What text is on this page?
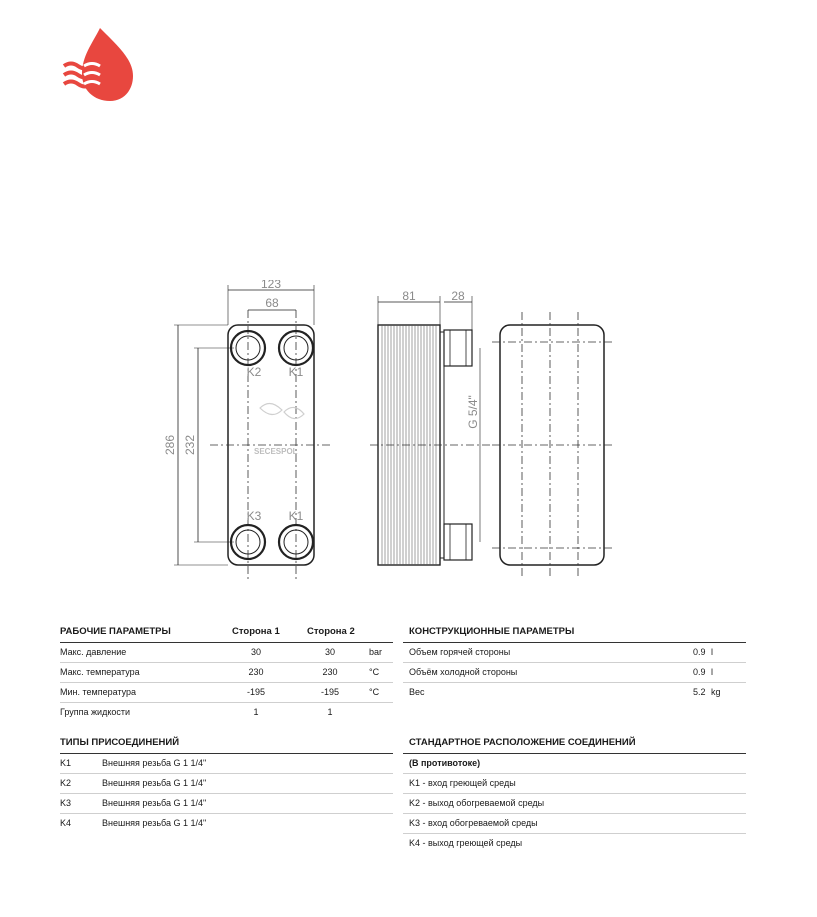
123
68
286 232
K2 K1
K3 K1
SECESPOL
81	28
G 5/4"
РАБОЧИЕ ПАРАМЕТРЫ	Сторона 1	Сторона 2
Макс. давление	30	30	bar
Макс. температура	230	230	°C
Мин. температура	-195	-195	°C
Группа жидкости	1	1
КОНСТРУКЦИОННЫЕ ПАРАМЕТРЫ
Объем горячей стороны	0.9 l
Объём холодной стороны	0.9 l
Вес	5.2 kg
ТИПЫ ПРИСОЕДИНЕНИЙ
K1	Внешняя резьба G 1 1/4"
K2	Внешняя резьба G 1 1/4"
K3	Внешняя резьба G 1 1/4"
K4	Внешняя резьба G 1 1/4"
СТАНДАРТНОЕ РАСПОЛОЖЕНИЕ СОЕДИНЕНИЙ
(В противотоке)
K1 - вход греющей среды
K2 - выход обогреваемой среды
K3 - вход обогреваемой среды
K4 - выход греющей среды
